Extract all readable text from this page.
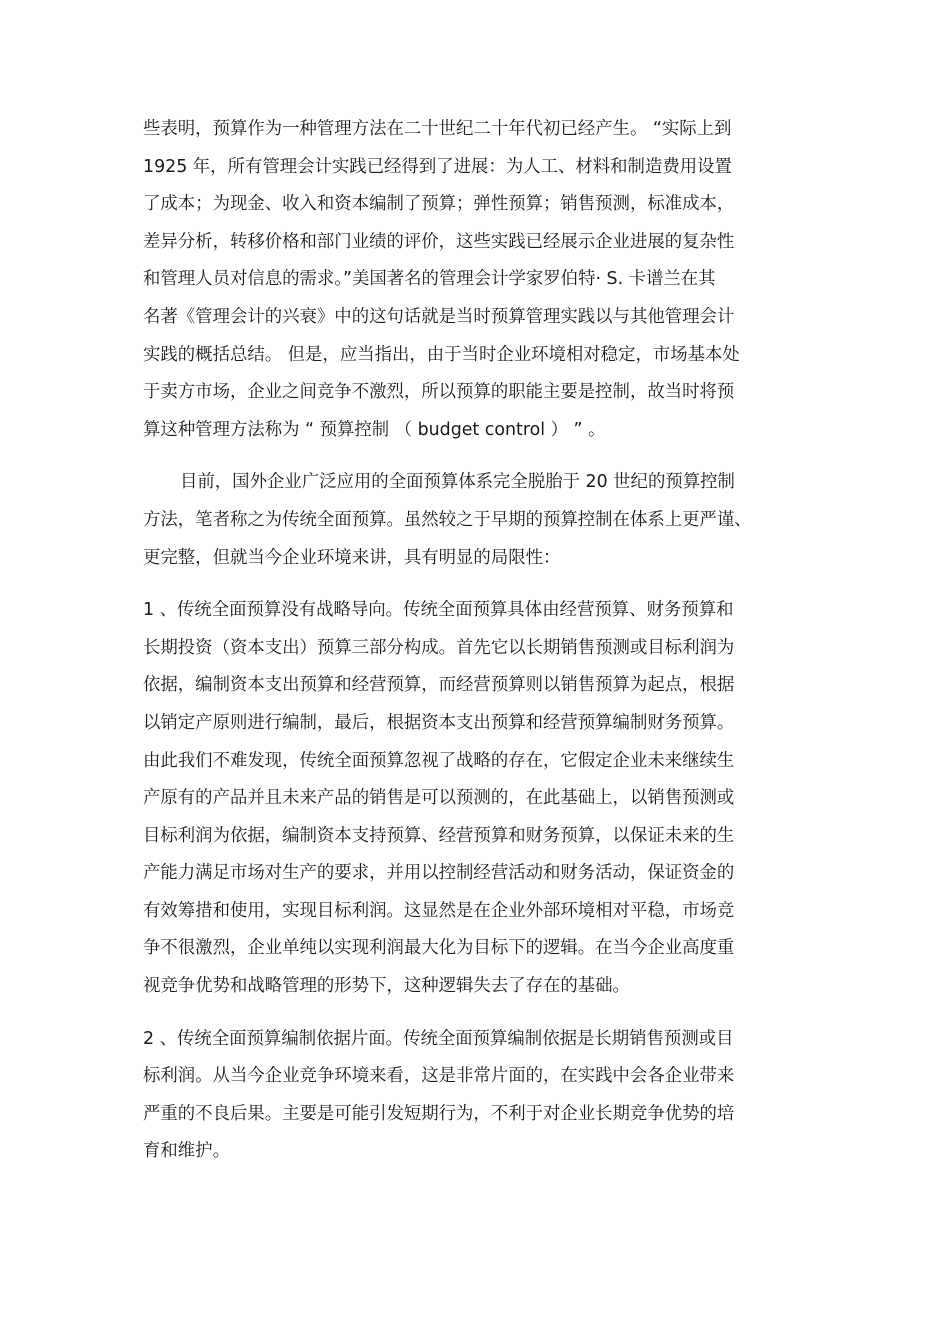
些表明，预算作为一种管理方法在二十世纪二十年代初已经产生。 “实际上到
1925 年，所有管理会计实践已经得到了进展：为人工、材料和制造费用设置
了成本；为现金、收入和资本编制了预算；弹性预算；销售预测，标准成本，
差异分析，转移价格和部门业绩的评价，这些实践已经展示企业进展的复杂性
和管理人员对信息的需求。”美国著名的管理会计学家罗伯特· S. 卡谱兰在其
名著《管理会计的兴衰》中的这句话就是当时预算管理实践以与其他管理会计
实践的概括总结。 但是，应当指出，由于当时企业环境相对稳定，市场基本处
于卖方市场，企业之间竞争不激烈，所以预算的职能主要是控制，故当时将预
算这种管理方法称为 “ 预算控制 （ budget control ） ” 。
目前，国外企业广泛应用的全面预算体系完全脱胎于 20 世纪的预算控制
方法，笔者称之为传统全面预算。虽然较之于早期的预算控制在体系上更严谨、
更完整，但就当今企业环境来讲，具有明显的局限性：
1 、传统全面预算没有战略导向。传统全面预算具体由经营预算、财务预算和
长期投资（资本支出）预算三部分构成。首先它以长期销售预测或目标利润为
依据，编制资本支出预算和经营预算，而经营预算则以销售预算为起点，根据
以销定产原则进行编制，最后，根据资本支出预算和经营预算编制财务预算。
由此我们不难发现，传统全面预算忽视了战略的存在，它假定企业未来继续生
产原有的产品并且未来产品的销售是可以预测的，在此基础上，以销售预测或
目标利润为依据，编制资本支持预算、经营预算和财务预算，以保证未来的生
产能力满足市场对生产的要求，并用以控制经营活动和财务活动，保证资金的
有效筹措和使用，实现目标利润。这显然是在企业外部环境相对平稳，市场竞
争不很激烈，企业单纯以实现利润最大化为目标下的逻辑。在当今企业高度重
视竞争优势和战略管理的形势下，这种逻辑失去了存在的基础。
2 、传统全面预算编制依据片面。传统全面预算编制依据是长期销售预测或目
标利润。从当今企业竞争环境来看，这是非常片面的，在实践中会各企业带来
严重的不良后果。主要是可能引发短期行为，不利于对企业长期竞争优势的培
育和维护。
